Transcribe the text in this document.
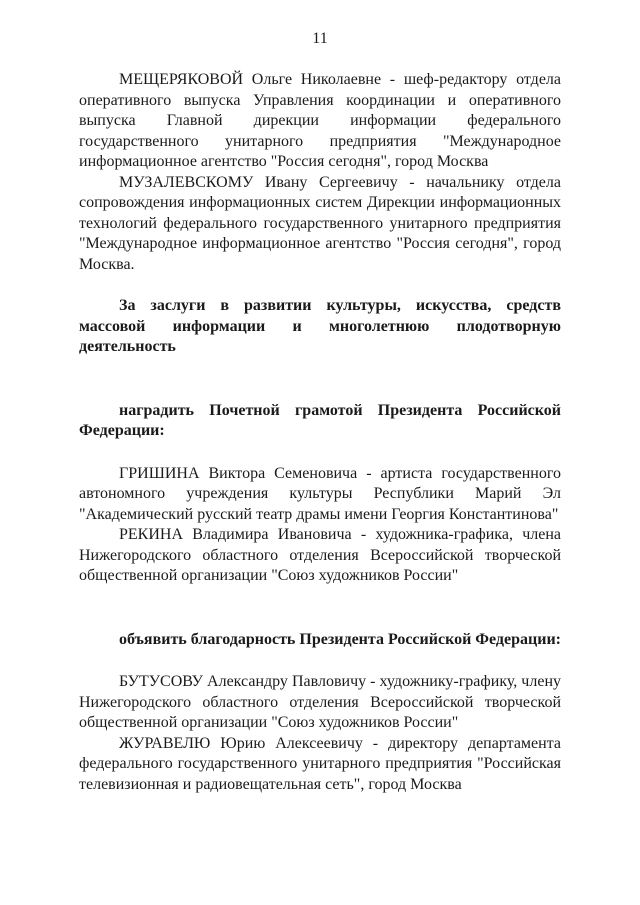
11

МЕЩЕРЯКОВОЙ Ольге Николаевне - шеф-редактору отдела оперативного выпуска Управления координации и оперативного выпуска Главной дирекции информации федерального государственного унитарного предприятия "Международное информационное агентство "Россия сегодня", город Москва

МУЗАЛЕВСКОМУ Ивану Сергеевичу - начальнику отдела сопровождения информационных систем Дирекции информационных технологий федерального государственного унитарного предприятия "Международное информационное агентство "Россия сегодня", город Москва.

За заслуги в развитии культуры, искусства, средств массовой информации и многолетнюю плодотворную деятельность

наградить Почетной грамотой Президента Российской Федерации:

ГРИШИНА Виктора Семеновича - артиста государственного автономного учреждения культуры Республики Марий Эл "Академический русский театр драмы имени Георгия Константинова"

РЕКИНА Владимира Ивановича - художника-графика, члена Нижегородского областного отделения Всероссийской творческой общественной организации "Союз художников России"

объявить благодарность Президента Российской Федерации:

БУТУСОВУ Александру Павловичу - художнику-графику, члену Нижегородского областного отделения Всероссийской творческой общественной организации "Союз художников России"

ЖУРАВЕЛЮ Юрию Алексеевичу - директору департамента федерального государственного унитарного предприятия "Российская телевизионная и радиовещательная сеть", город Москва
